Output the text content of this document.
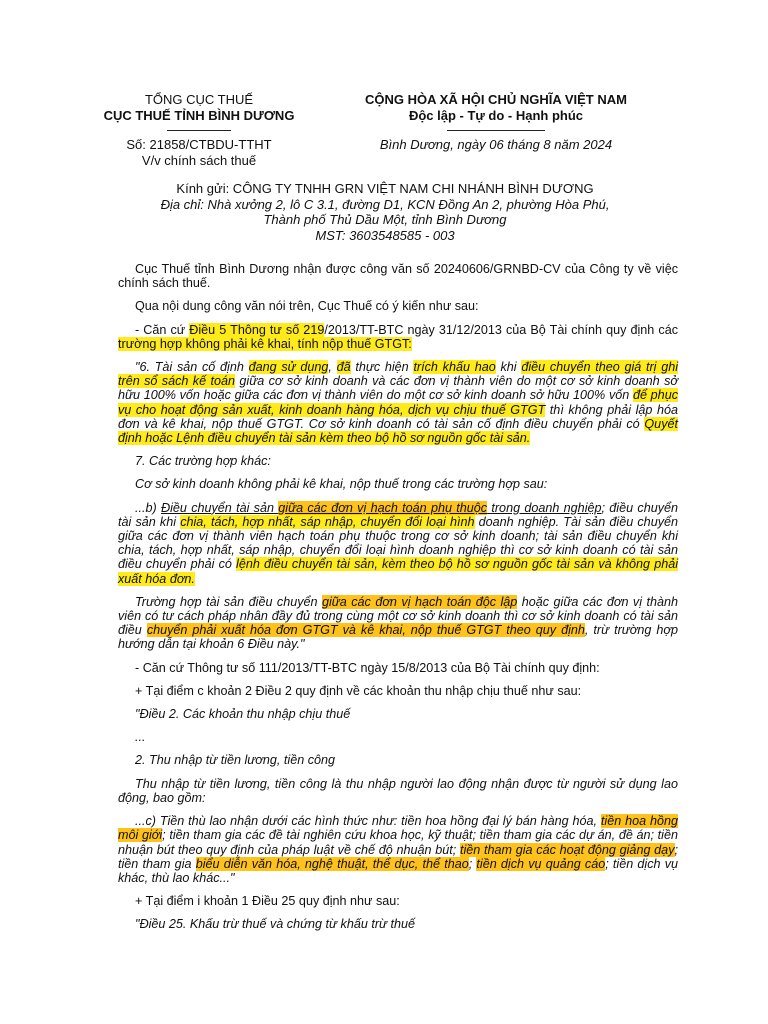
TỔNG CỤC THUẾ
CỤC THUẾ TỈNH BÌNH DƯƠNG
Số: 21858/CTBDU-TTHT
V/v chính sách thuế
CỘNG HÒA XÃ HỘI CHỦ NGHĨA VIỆT NAM
Độc lập - Tự do - Hạnh phúc
Bình Dương, ngày 06 tháng 8 năm 2024
Kính gửi: CÔNG TY TNHH GRN VIỆT NAM CHI NHÁNH BÌNH DƯƠNG
Địa chỉ: Nhà xưởng 2, lô C 3.1, đường D1, KCN Đồng An 2, phường Hòa Phú,
Thành phố Thủ Dầu Một, tỉnh Bình Dương
MST: 3603548585 - 003

Cục Thuế tỉnh Bình Dương nhận được công văn số 20240606/GRNBD-CV của Công ty về việc chính sách thuế.

Qua nội dung công văn nói trên, Cục Thuế có ý kiến như sau:

- Căn cứ Điều 5 Thông tư số 219/2013/TT-BTC ngày 31/12/2013 của Bộ Tài chính quy định các trường hợp không phải kê khai, tính nộp thuế GTGT:

"6. Tài sản cố định đang sử dụng, đã thực hiện trích khấu hao khi điều chuyển theo giá trị ghi trên sổ sách kế toán giữa cơ sở kinh doanh và các đơn vị thành viên do một cơ sở kinh doanh sở hữu 100% vốn hoặc giữa các đơn vị thành viên do một cơ sở kinh doanh sở hữu 100% vốn để phục vụ cho hoạt động sản xuất, kinh doanh hàng hóa, dịch vụ chịu thuế GTGT thì không phải lập hóa đơn và kê khai, nộp thuế GTGT. Cơ sở kinh doanh có tài sản cố định điều chuyển phải có Quyết định hoặc Lệnh điều chuyển tài sản kèm theo bộ hồ sơ nguồn gốc tài sản.

7. Các trường hợp khác:

Cơ sở kinh doanh không phải kê khai, nộp thuế trong các trường hợp sau:

...b) Điều chuyển tài sản giữa các đơn vị hạch toán phụ thuộc trong doanh nghiệp; điều chuyển tài sản khi chia, tách, hợp nhất, sáp nhập, chuyển đổi loại hình doanh nghiệp. Tài sản điều chuyển giữa các đơn vị thành viên hạch toán phụ thuộc trong cơ sở kinh doanh; tài sản điều chuyển khi chia, tách, hợp nhất, sáp nhập, chuyển đổi loại hình doanh nghiệp thì cơ sở kinh doanh có tài sản điều chuyển phải có lệnh điều chuyển tài sản, kèm theo bộ hồ sơ nguồn gốc tài sản và không phải xuất hóa đơn.

Trường hợp tài sản điều chuyển giữa các đơn vị hạch toán độc lập hoặc giữa các đơn vị thành viên có tư cách pháp nhân đầy đủ trong cùng một cơ sở kinh doanh thì cơ sở kinh doanh có tài sản điều chuyển phải xuất hóa đơn GTGT và kê khai, nộp thuế GTGT theo quy định, trừ trường hợp hướng dẫn tại khoản 6 Điều này."

- Căn cứ Thông tư số 111/2013/TT-BTC ngày 15/8/2013 của Bộ Tài chính quy định:

+ Tại điểm c khoản 2 Điều 2 quy định về các khoản thu nhập chịu thuế như sau:

"Điều 2. Các khoản thu nhập chịu thuế

...

2. Thu nhập từ tiền lương, tiền công

Thu nhập từ tiền lương, tiền công là thu nhập người lao động nhận được từ người sử dụng lao động, bao gồm:

...c) Tiền thù lao nhận dưới các hình thức như: tiền hoa hồng đại lý bán hàng hóa, tiền hoa hồng môi giới; tiền tham gia các đề tài nghiên cứu khoa học, kỹ thuật; tiền tham gia các dự án, đề án; tiền nhuận bút theo quy định của pháp luật về chế độ nhuận bút; tiền tham gia các hoạt động giảng dạy; tiền tham gia biểu diễn văn hóa, nghệ thuật, thể dục, thể thao; tiền dịch vụ quảng cáo; tiền dịch vụ khác, thù lao khác..."

+ Tại điểm i khoản 1 Điều 25 quy định như sau:

"Điều 25. Khấu trừ thuế và chứng từ khấu trừ thuế
